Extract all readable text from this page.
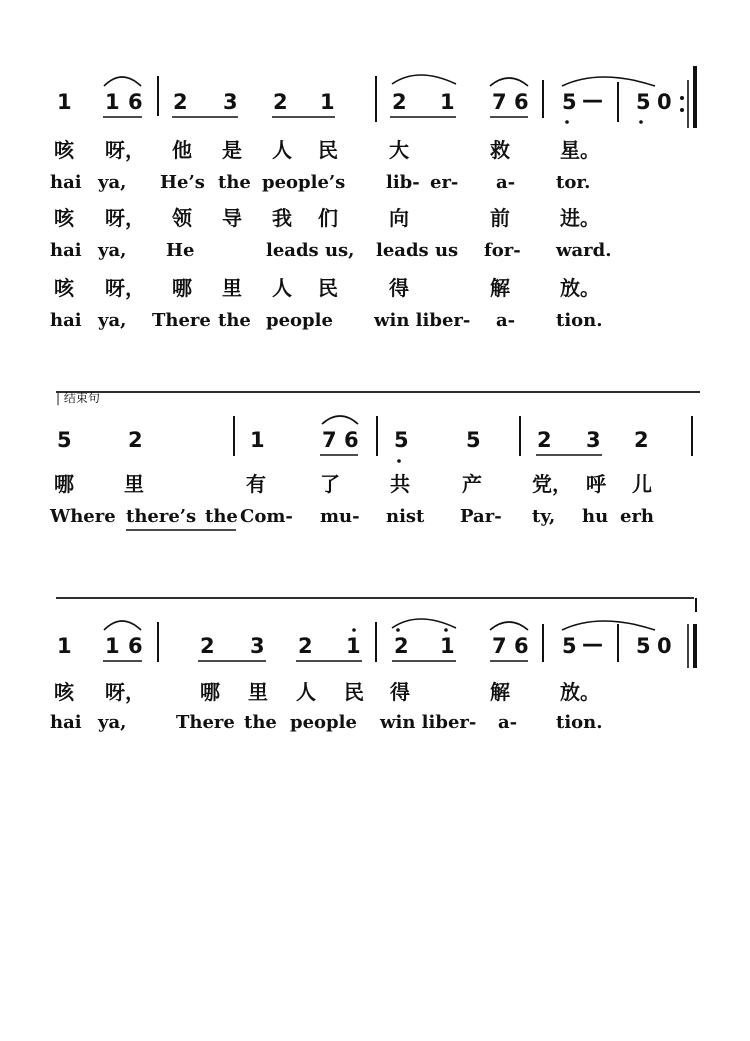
1 1 6 2 3 2 1	2 1 7 6 5 — 5 0
咳 呀， 他 是 人 民	大	救	星。
hai ya, He’s the people’s lib- er- a- tor.
咳 呀， 领 导 我 们	向	前	进。
hai ya, He	leads us, leads us for- ward.
咳 呀， 哪 里 人 民	得	解	放。
hai ya, There the people win liber- a- tion.
| 结束句
5	2	1	7 6 5	5	2 3 2
哪	里	有	了	共	产	党， 呼 儿
Where there’s the Com- mu- nist Par- ty, hu erh
1 1 6	2 3 2 1 2 1 7 6 5 — 5 0
咳 呀，	哪 里 人 民 得	解	放。
hai ya,	There the people win liber- a- tion.
